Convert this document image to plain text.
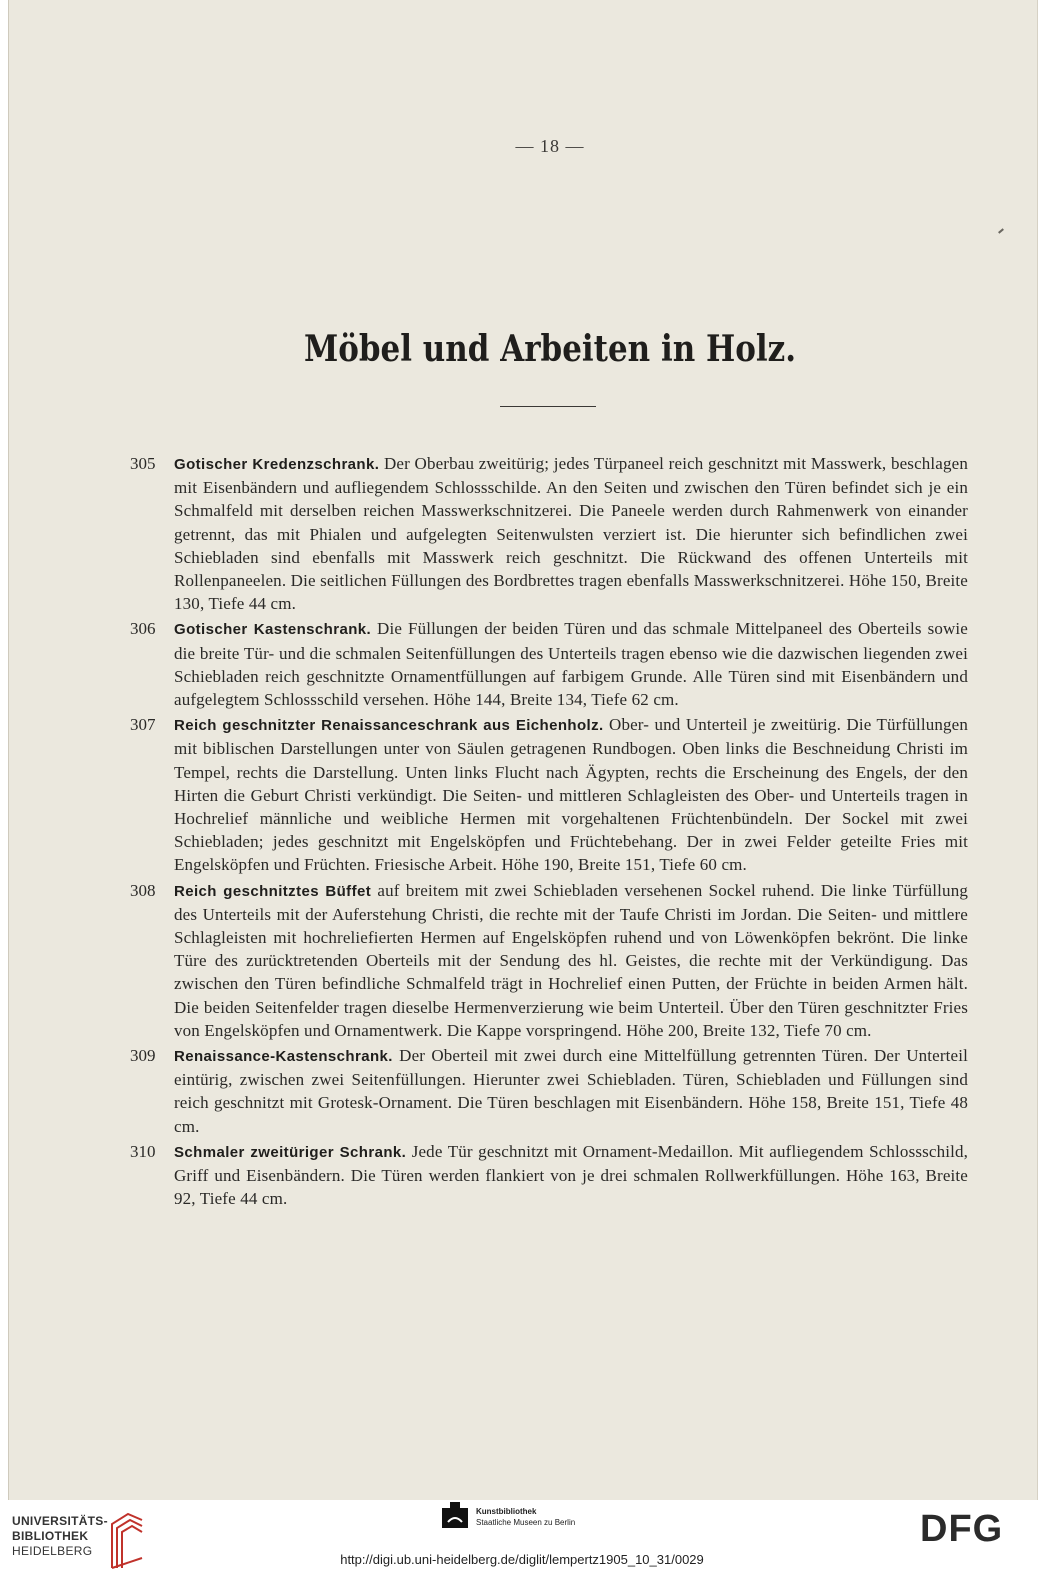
— 18 —
Möbel und Arbeiten in Holz.
305 Gotischer Kredenzschrank. Der Oberbau zweitürig; jedes Türpaneel reich geschnitzt mit Masswerk, beschlagen mit Eisenbändern und aufliegendem Schlossschilde. An den Seiten und zwischen den Türen befindet sich je ein Schmalfeld mit derselben reichen Masswerkschnitzerei. Die Paneele werden durch Rahmenwerk von einander getrennt, das mit Phialen und aufgelegten Seitenwulsten verziert ist. Die hierunter sich befindlichen zwei Schiebladen sind ebenfalls mit Masswerk reich geschnitzt. Die Rückwand des offenen Unterteils mit Rollenpaneelen. Die seitlichen Füllungen des Bordbrettes tragen ebenfalls Masswerkschnitzerei. Höhe 150, Breite 130, Tiefe 44 cm.
306 Gotischer Kastenschrank. Die Füllungen der beiden Türen und das schmale Mittelpaneel des Oberteils sowie die breite Tür- und die schmalen Seitenfüllungen des Unterteils tragen ebenso wie die dazwischen liegenden zwei Schiebladen reich geschnitzte Ornamentfüllungen auf farbigem Grunde. Alle Türen sind mit Eisenbändern und aufgelegtem Schlossschild versehen. Höhe 144, Breite 134, Tiefe 62 cm.
307 Reich geschnitzter Renaissanceschrank aus Eichenholz. Ober- und Unterteil je zweitürig. Die Türfüllungen mit biblischen Darstellungen unter von Säulen getragenen Rundbogen. Oben links die Beschneidung Christi im Tempel, rechts die Darstellung. Unten links Flucht nach Ägypten, rechts die Erscheinung des Engels, der den Hirten die Geburt Christi verkündigt. Die Seiten- und mittleren Schlagleisten des Ober- und Unterteils tragen in Hochrelief männliche und weibliche Hermen mit vorgehaltenen Früchtenbündeln. Der Sockel mit zwei Schiebladen; jedes geschnitzt mit Engelsköpfen und Früchtebehang. Der in zwei Felder geteilte Fries mit Engelsköpfen und Früchten. Friesische Arbeit. Höhe 190, Breite 151, Tiefe 60 cm.
308 Reich geschnitztes Büffet auf breitem mit zwei Schiebladen versehenen Sockel ruhend. Die linke Türfüllung des Unterteils mit der Auferstehung Christi, die rechte mit der Taufe Christi im Jordan. Die Seiten- und mittlere Schlagleisten mit hochreliefierten Hermen auf Engelsköpfen ruhend und von Löwenköpfen bekrönt. Die linke Türe des zurücktretenden Oberteils mit der Sendung des hl. Geistes, die rechte mit der Verkündigung. Das zwischen den Türen befindliche Schmalfeld trägt in Hochrelief einen Putten, der Früchte in beiden Armen hält. Die beiden Seitenfelder tragen dieselbe Hermenverzierung wie beim Unterteil. Über den Türen geschnitzter Fries von Engelsköpfen und Ornamentwerk. Die Kappe vorspringend. Höhe 200, Breite 132, Tiefe 70 cm.
309 Renaissance-Kastenschrank. Der Oberteil mit zwei durch eine Mittelfüllung getrennten Türen. Der Unterteil eintürig, zwischen zwei Seitenfüllungen. Hierunter zwei Schiebladen. Türen, Schiebladen und Füllungen sind reich geschnitzt mit Grotesk-Ornament. Die Türen beschlagen mit Eisenbändern. Höhe 158, Breite 151, Tiefe 48 cm.
310 Schmaler zweitüriger Schrank. Jede Tür geschnitzt mit Ornament-Medaillon. Mit aufliegendem Schlossschild, Griff und Eisenbändern. Die Türen werden flankiert von je drei schmalen Rollwerkfüllungen. Höhe 163, Breite 92, Tiefe 44 cm.
UNIVERSITÄTS-
BIBLIOTHEK
HEIDELBERG
Kunstbibliothek
Staatliche Museen zu Berlin	DFG
http://digi.ub.uni-heidelberg.de/diglit/lempertz1905_10_31/0029
